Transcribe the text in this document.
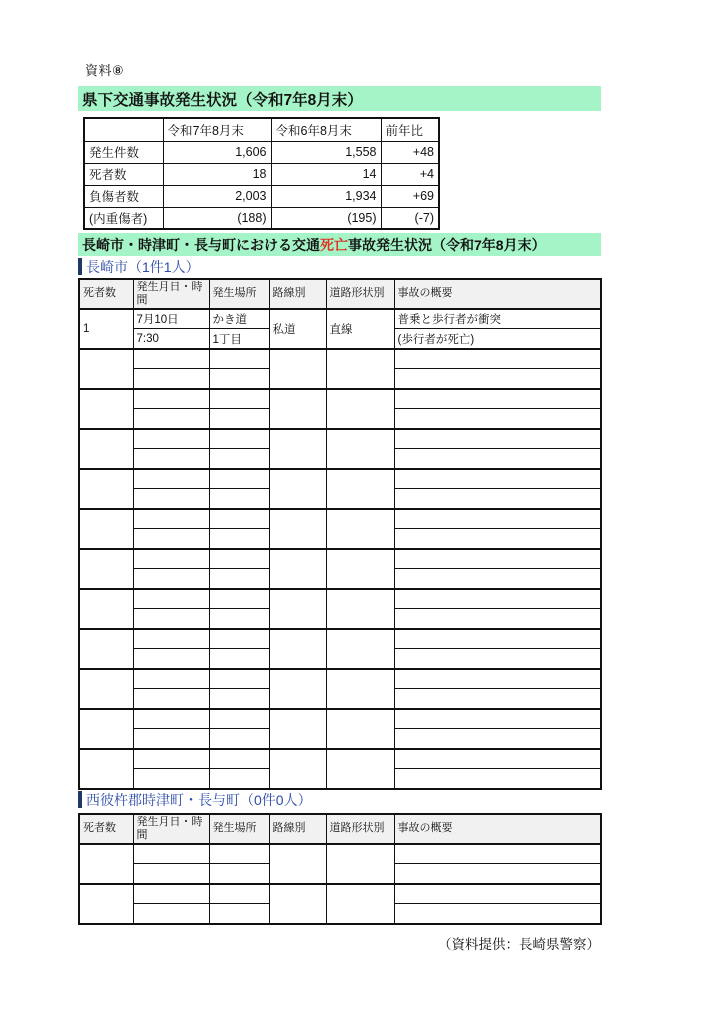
資料⑧
県下交通事故発生状況（令和7年8月末）
	令和7年8月末	令和6年8月末	前年比
発生件数	1,606	1,558	+48
死者数	18	14	+4
負傷者数	2,003	1,934	+69
(内重傷者)	(188)	(195)	(-7)
長崎市・時津町・長与町における交通 死亡 事故発生状況（令和7年8月末）
長崎市（1件1人）
死者数	発生月日・時間	発生場所	路線別	道路形状別	事故の概要
1	7月10日	かき道	私道	直線	普乗と歩行者が衝突
	7:30	1丁目			(歩行者が死亡)

西彼杵郡時津町・長与町（0件0人）
死者数	発生月日・時間	発生場所	路線別	道路形状別	事故の概要

（資料提供：長崎県警察）
